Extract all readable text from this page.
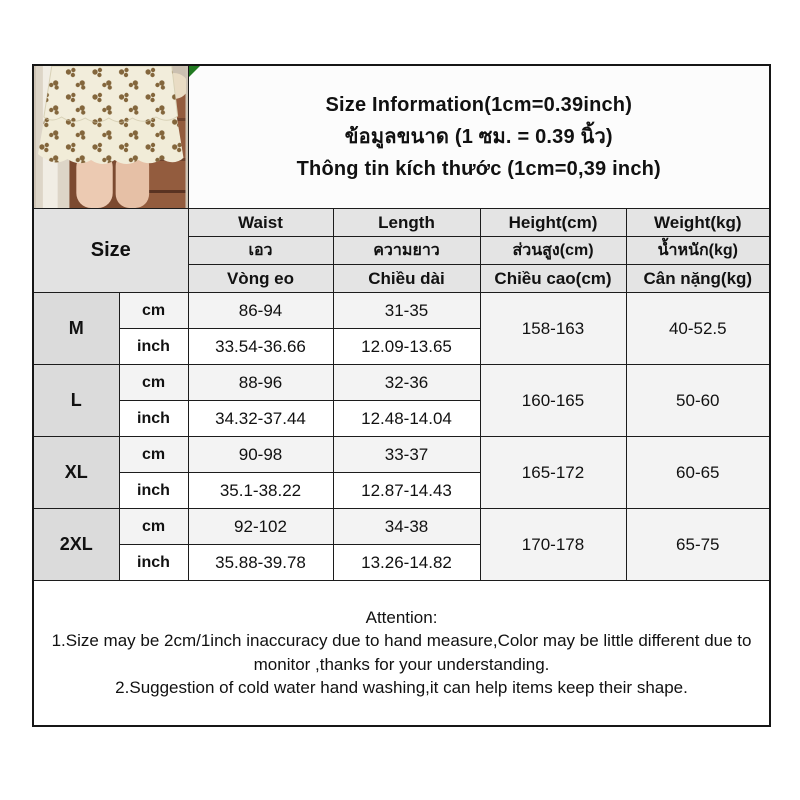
Size Information(1cm=0.39inch)
ข้อมูลขนาด (1 ซม. = 0.39 นิ้ว)
Thông tin kích thước (1cm=0,39 inch)			

Size		Waist	Length	Height(cm)	Weight(kg)
		เอว	ความยาว	ส่วนสูง(cm)	น้ำหนัก(kg)
		Vòng eo	Chiều dài	Chiều cao(cm)	Cân nặng(kg)
M	cm	86-94	31-35	158-163	40-52.5
	inch	33.54-36.66	12.09-13.65		
L	cm	88-96	32-36	160-165	50-60
	inch	34.32-37.44	12.48-14.04		
XL	cm	90-98	33-37	165-172	60-65
	inch	35.1-38.22	12.87-14.43		
2XL	cm	92-102	34-38	170-178	65-75
	inch	35.88-39.78	13.26-14.82		

Attention:
1.Size may be 2cm/1inch inaccuracy due to hand measure,Color may be little different due to monitor ,thanks for your understanding.
2.Suggestion of cold water hand washing,it can help items keep their shape.					
